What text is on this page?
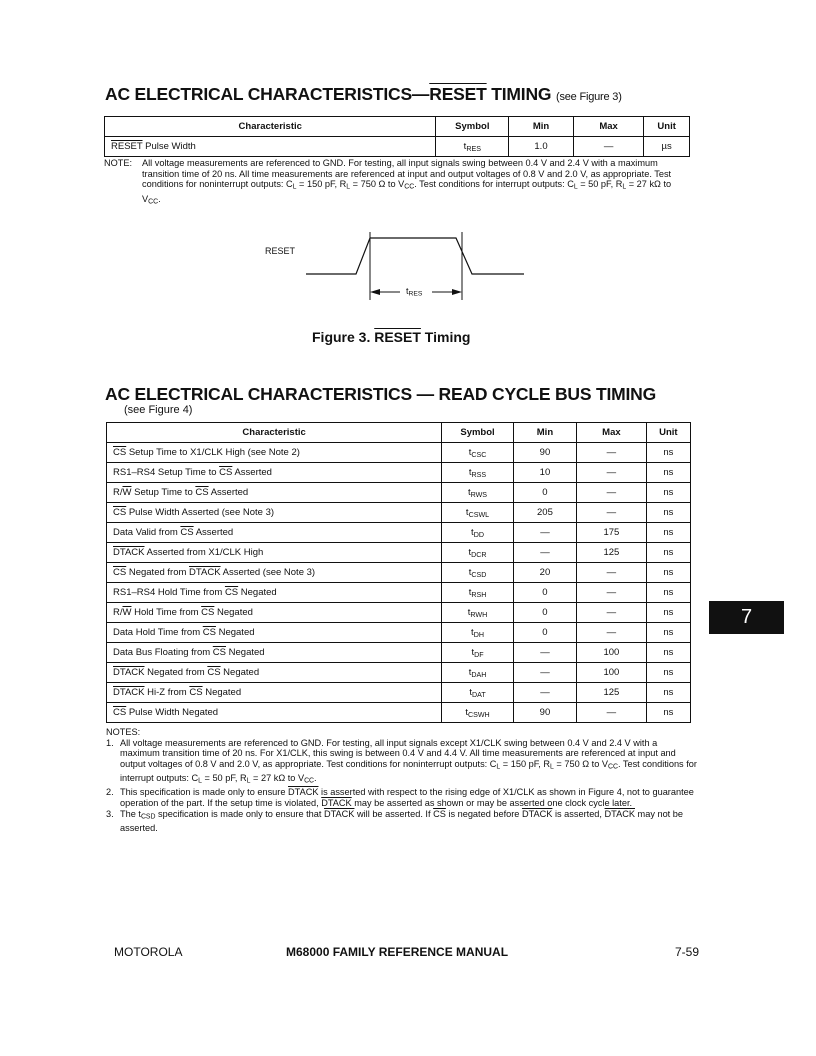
AC ELECTRICAL CHARACTERISTICS—RESET TIMING (see Figure 3)
Characteristic	Symbol	Min	Max	Unit
RESET Pulse Width	tRES	1.0	—	µs
NOTE:	All voltage measurements are referenced to GND. For testing, all input signals swing between 0.4 V and 2.4 V with a maximum transition time of 20 ns. All time measurements are referenced at input and output voltages of 0.8 V and 2.0 V, as appropriate. Test conditions for noninterrupt outputs: CL = 150 pF, RL = 750 Ω to VCC. Test conditions for interrupt outputs: CL = 50 pF, RL = 27 kΩ to VCC.
RESET
tRES
Figure 3. RESET Timing
AC ELECTRICAL CHARACTERISTICS — READ CYCLE BUS TIMING
(see Figure 4)
Characteristic	Symbol	Min	Max	Unit
$\overline{CS}$ Setup Time to X1/CLK High (see Note 2)	tCSC	90	—	ns
RS1–RS4 Setup Time to $\overline{CS}$ Asserted	tRSS	10	—	ns
$R/\overline{W}$ Setup Time to $\overline{CS}$ Asserted	tRWS	0	—	ns
$\overline{CS}$ Pulse Width Asserted (see Note 3)	tCSWL	205	—	ns
Data Valid from $\overline{CS}$ Asserted	tDD	—	175	ns
DTACK Asserted from X1/CLK High	tDCR	—	125	ns
$\overline{CS}$ Negated from DTACK Asserted (see Note 3)	tCSD	20	—	ns
RS1–RS4 Hold Time from $\overline{CS}$ Negated	tRSH	0	—	ns
$R/\overline{W}$ Hold Time from $\overline{CS}$ Negated	tRWH	0	—	ns
Data Hold Time from $\overline{CS}$ Negated	tDH	0	—	ns
Data Bus Floating from $\overline{CS}$ Negated	tDF	—	100	ns
DTACK Negated from $\overline{CS}$ Negated	tDAH	—	100	ns
DTACK Hi-Z from $\overline{CS}$ Negated	tDAT	—	125	ns
$\overline{CS}$ Pulse Width Negated	tCSWH	90	—	ns
NOTES:
1. All voltage measurements are referenced to GND. For testing, all input signals except X1/CLK swing between 0.4 V and 2.4 V with a maximum transition time of 20 ns. For X1/CLK, this swing is between 0.4 V and 4.4 V. All time measurements are referenced at input and output voltages of 0.8 V and 2.0 V, as appropriate. Test conditions for noninterrupt outputs: CL = 150 pF, RL = 750 Ω to VCC. Test conditions for interrupt outputs: CL = 50 pF, RL = 27 kΩ to VCC.
2. This specification is made only to ensure DTACK is asserted with respect to the rising edge of X1/CLK as shown in Figure 4, not to guarantee operation of the part. If the setup time is violated, DTACK may be asserted as shown or may be asserted one clock cycle later.
3. The tCSD specification is made only to ensure that DTACK will be asserted. If $\overline{CS}$ is negated before DTACK is asserted, DTACK may not be asserted.
7
MOTOROLA	M68000 FAMILY REFERENCE MANUAL	7-59
